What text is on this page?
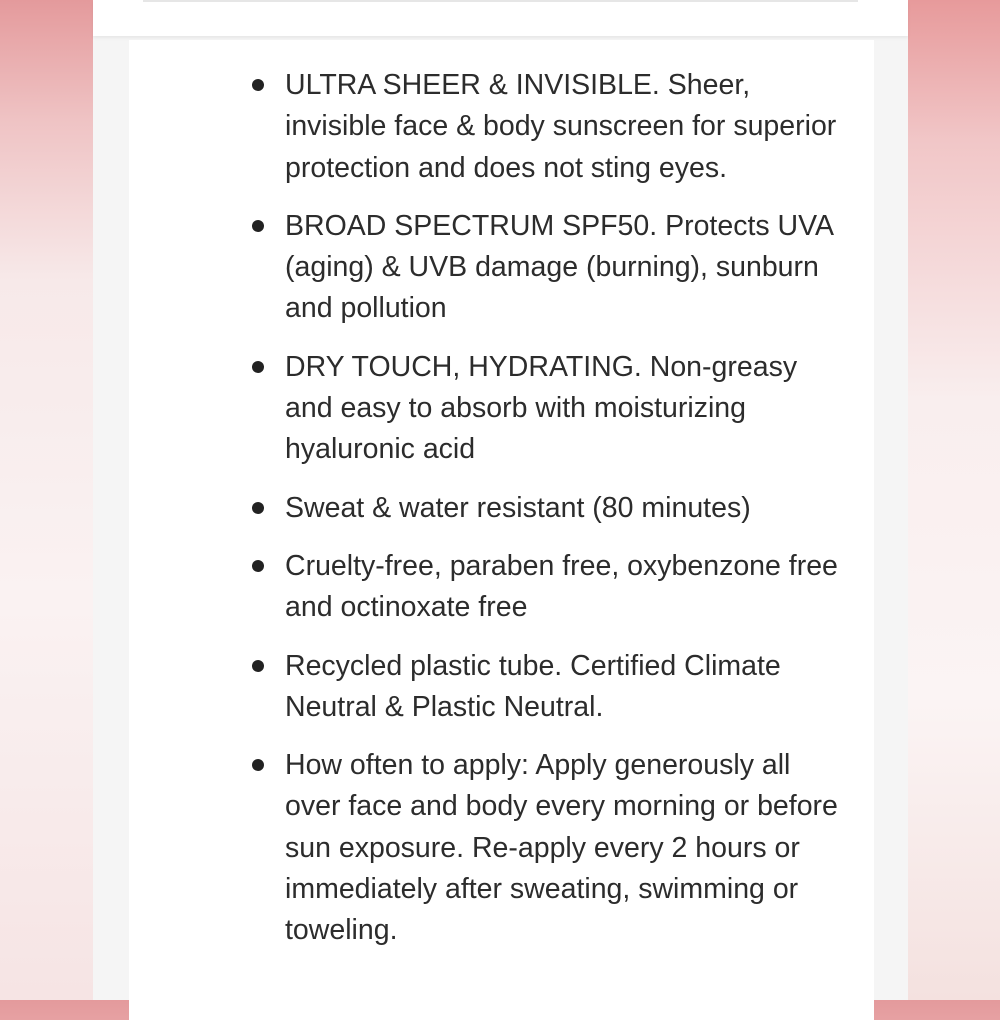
ULTRA SHEER & INVISIBLE. Sheer, invisible face & body sunscreen for superior protection and does not sting eyes.
BROAD SPECTRUM SPF50. Protects UVA (aging) & UVB damage (burning), sunburn and pollution
DRY TOUCH, HYDRATING. Non-greasy and easy to absorb with moisturizing hyaluronic acid
Sweat & water resistant (80 minutes)
Cruelty-free, paraben free, oxybenzone free and octinoxate free
Recycled plastic tube. Certified Climate Neutral & Plastic Neutral.
How often to apply: Apply generously all over face and body every morning or before sun exposure. Re-apply every 2 hours or immediately after sweating, swimming or toweling.
